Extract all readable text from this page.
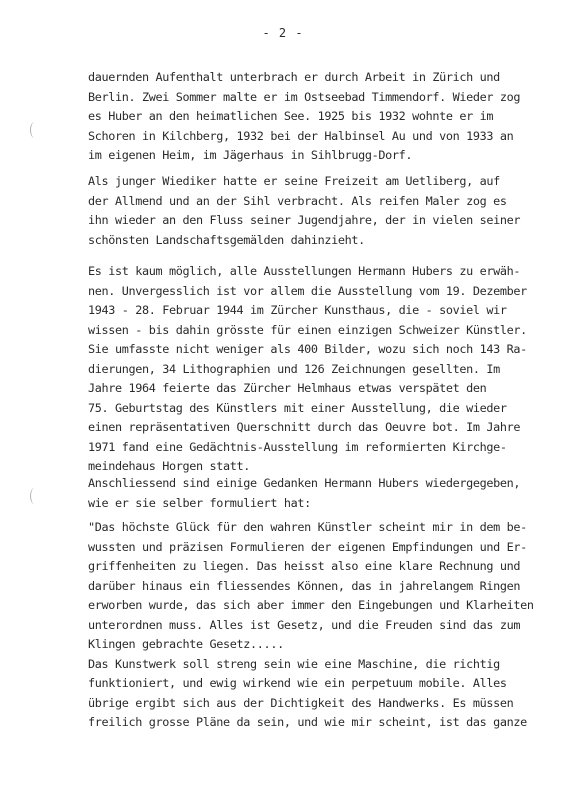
- 2 -
dauernden Aufenthalt unterbrach er durch Arbeit in Zürich und
Berlin. Zwei Sommer malte er im Ostseebad Timmendorf. Wieder zog
es Huber an den heimatlichen See. 1925 bis 1932 wohnte er im
Schoren in Kilchberg, 1932 bei der Halbinsel Au und von 1933 an
im eigenen Heim, im Jägerhaus in Sihlbrugg-Dorf.
Als junger Wiediker hatte er seine Freizeit am Uetliberg, auf
der Allmend und an der Sihl verbracht. Als reifen Maler zog es
ihn wieder an den Fluss seiner Jugendjahre, der in vielen seiner
schönsten Landschaftsgemälden dahinzieht.
Es ist kaum möglich, alle Ausstellungen Hermann Hubers zu erwäh-
nen. Unvergesslich ist vor allem die Ausstellung vom 19. Dezember
1943 - 28. Februar 1944 im Zürcher Kunsthaus, die - soviel wir
wissen - bis dahin grösste für einen einzigen Schweizer Künstler.
Sie umfasste nicht weniger als 400 Bilder, wozu sich noch 143 Ra-
dierungen, 34 Lithographien und 126 Zeichnungen gesellten. Im
Jahre 1964 feierte das Zürcher Helmhaus etwas verspätet den
75. Geburtstag des Künstlers mit einer Ausstellung, die wieder
einen repräsentativen Querschnitt durch das Oeuvre bot. Im Jahre
1971 fand eine Gedächtnis-Ausstellung im reformierten Kirchge-
meindehaus Horgen statt.
Anschliessend sind einige Gedanken Hermann Hubers wiedergegeben,
wie er sie selber formuliert hat:
"Das höchste Glück für den wahren Künstler scheint mir in dem be-
wussten und präzisen Formulieren der eigenen Empfindungen und Er-
griffenheiten zu liegen. Das heisst also eine klare Rechnung und
darüber hinaus ein fliessendes Können, das in jahrelangem Ringen
erworben wurde, das sich aber immer den Eingebungen und Klarheiten
unterordnen muss. Alles ist Gesetz, und die Freuden sind das zum
Klingen gebrachte Gesetz.....
Das Kunstwerk soll streng sein wie eine Maschine, die richtig
funktioniert, und ewig wirkend wie ein perpetuum mobile. Alles
übrige ergibt sich aus der Dichtigkeit des Handwerks. Es müssen
freilich grosse Pläne da sein, und wie mir scheint, ist das ganze
